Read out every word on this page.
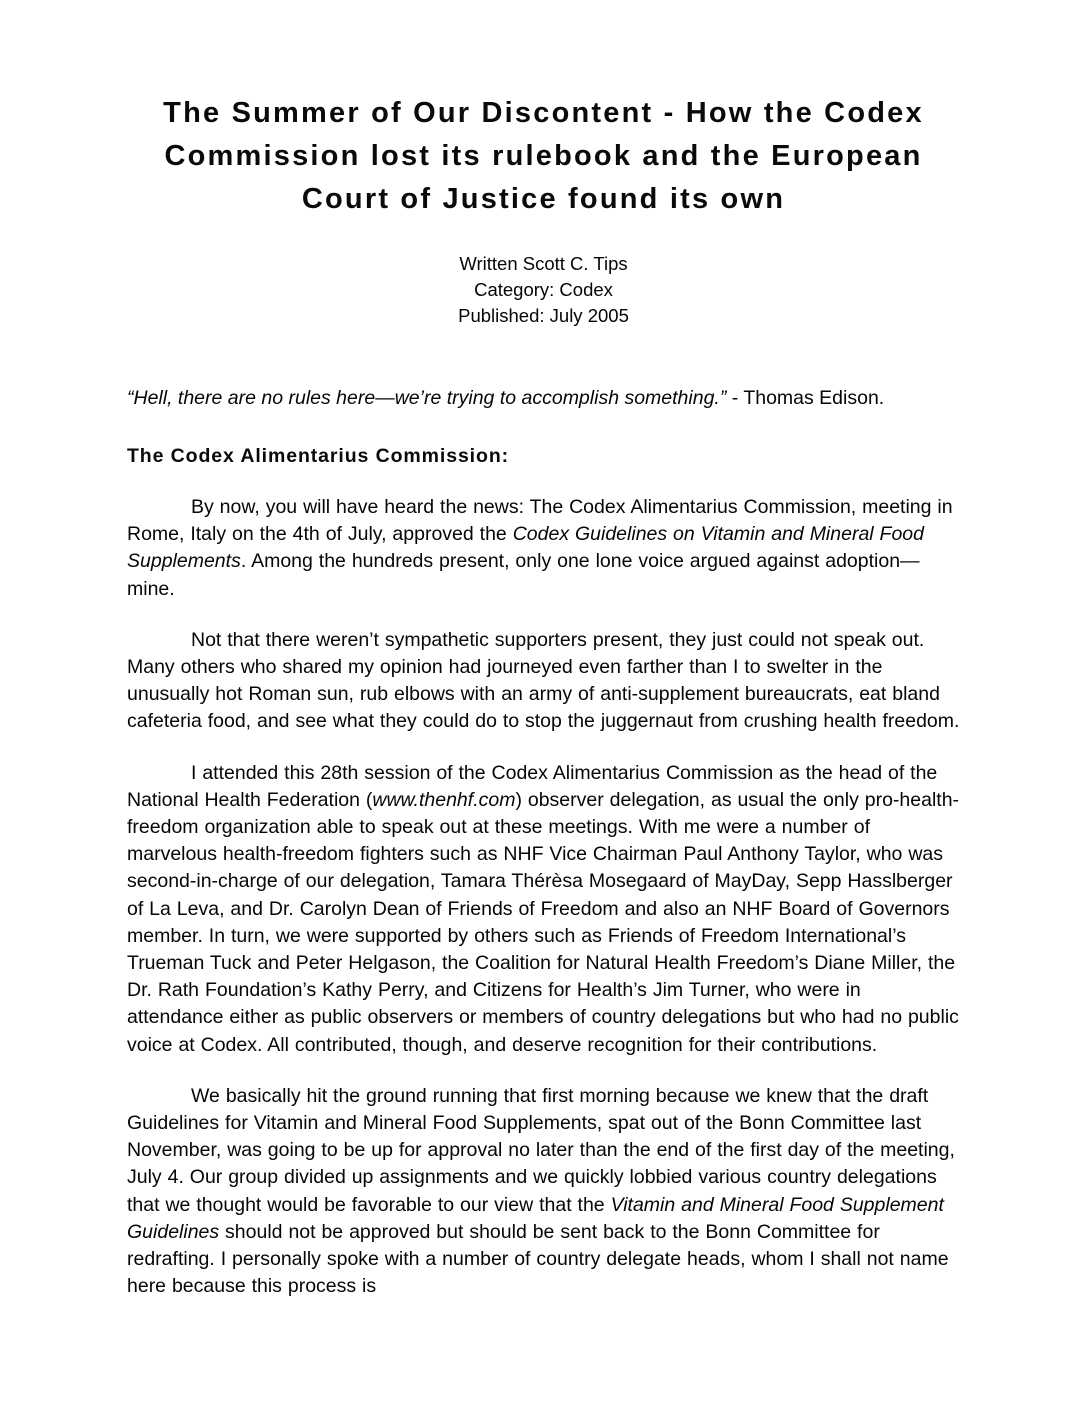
The Summer of Our Discontent - How the Codex Commission lost its rulebook and the European Court of Justice found its own
Written Scott C. Tips
Category: Codex
Published: July 2005

“Hell, there are no rules here—we’re trying to accomplish something.” - Thomas Edison.

The Codex Alimentarius Commission:

By now, you will have heard the news: The Codex Alimentarius Commission, meeting in Rome, Italy on the 4th of July, approved the Codex Guidelines on Vitamin and Mineral Food Supplements. Among the hundreds present, only one lone voice argued against adoption—mine.

Not that there weren’t sympathetic supporters present, they just could not speak out. Many others who shared my opinion had journeyed even farther than I to swelter in the unusually hot Roman sun, rub elbows with an army of anti-supplement bureaucrats, eat bland cafeteria food, and see what they could do to stop the juggernaut from crushing health freedom.

I attended this 28th session of the Codex Alimentarius Commission as the head of the National Health Federation (www.thenhf.com) observer delegation, as usual the only pro-health-freedom organization able to speak out at these meetings. With me were a number of marvelous health-freedom fighters such as NHF Vice Chairman Paul Anthony Taylor, who was second-in-charge of our delegation, Tamara Thérèsa Mosegaard of MayDay, Sepp Hasslberger of La Leva, and Dr. Carolyn Dean of Friends of Freedom and also an NHF Board of Governors member. In turn, we were supported by others such as Friends of Freedom International’s Trueman Tuck and Peter Helgason, the Coalition for Natural Health Freedom’s Diane Miller, the Dr. Rath Foundation’s Kathy Perry, and Citizens for Health’s Jim Turner, who were in attendance either as public observers or members of country delegations but who had no public voice at Codex. All contributed, though, and deserve recognition for their contributions.

We basically hit the ground running that first morning because we knew that the draft Guidelines for Vitamin and Mineral Food Supplements, spat out of the Bonn Committee last November, was going to be up for approval no later than the end of the first day of the meeting, July 4. Our group divided up assignments and we quickly lobbied various country delegations that we thought would be favorable to our view that the Vitamin and Mineral Food Supplement Guidelines should not be approved but should be sent back to the Bonn Committee for redrafting. I personally spoke with a number of country delegate heads, whom I shall not name here because this process is
